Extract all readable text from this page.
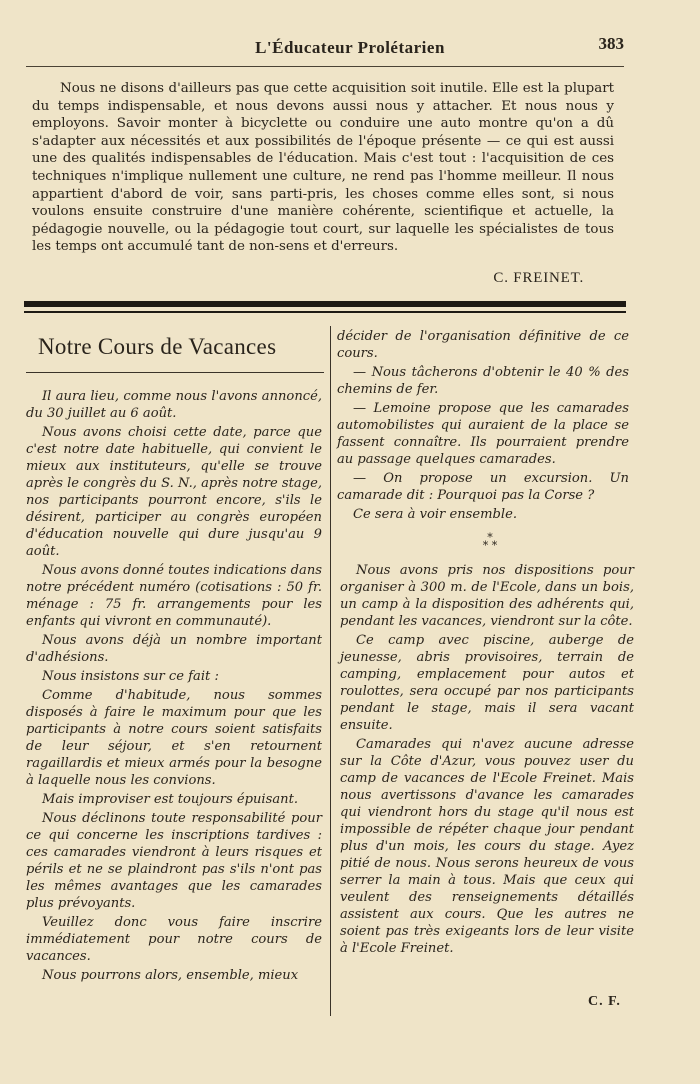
L'Éducateur Prolétarien	383
Nous ne disons d'ailleurs pas que cette acquisition soit inutile. Elle est la plupart du temps indispensable, et nous devons aussi nous y attacher. Et nous nous y employons. Savoir monter à bicyclette ou conduire une auto montre qu'on a dû s'adapter aux nécessités et aux possibilités de l'époque présente — ce qui est aussi une des qualités indispensables de l'éducation. Mais c'est tout : l'acquisition de ces techniques n'implique nullement une culture, ne rend pas l'homme meilleur. Il nous appartient d'abord de voir, sans parti-pris, les choses comme elles sont, si nous voulons ensuite construire d'une manière cohérente, scientifique et actuelle, la pédagogie nouvelle, ou la pédagogie tout court, sur laquelle les spécialistes de tous les temps ont accumulé tant de non-sens et d'erreurs.
C. FREINET.
Notre Cours de Vacances

Il aura lieu, comme nous l'avons annoncé, du 30 juillet au 6 août.

Nous avons choisi cette date, parce que c'est notre date habituelle, qui convient le mieux aux instituteurs, qu'elle se trouve après le congrès du S. N., après notre stage, nos participants pourront encore, s'ils le désirent, participer au congrès européen d'éducation nouvelle qui dure jusqu'au 9 août.

Nous avons donné toutes indications dans notre précédent numéro (cotisations : 50 fr. ménage : 75 fr. arrangements pour les enfants qui vivront en communauté).

Nous avons déjà un nombre important d'adhésions.

Nous insistons sur ce fait :

Comme d'habitude, nous sommes disposés à faire le maximum pour que les participants à notre cours soient satisfaits de leur séjour, et s'en retournent ragaillardis et mieux armés pour la besogne à laquelle nous les convions.

Mais improviser est toujours épuisant.

Nous déclinons toute responsabilité pour ce qui concerne les inscriptions tardives : ces camarades viendront à leurs risques et périls et ne se plaindront pas s'ils n'ont pas les mêmes avantages que les camarades plus prévoyants.

Veuillez donc vous faire inscrire immédiatement pour notre cours de vacances.

Nous pourrons alors, ensemble, mieux

décider de l'organisation définitive de ce cours.

— Nous tâcherons d'obtenir le 40 % des chemins de fer.

— Lemoine propose que les camarades automobilistes qui auraient de la place se fassent connaître. Ils pourraient prendre au passage quelques camarades.

— On propose un excursion. Un camarade dit : Pourquoi pas la Corse ?

Ce sera à voir ensemble.

*
* *

Nous avons pris nos dispositions pour organiser à 300 m. de l'Ecole, dans un bois, un camp à la disposition des adhérents qui, pendant les vacances, viendront sur la côte.

Ce camp avec piscine, auberge de jeunesse, abris provisoires, terrain de camping, emplacement pour autos et roulottes, sera occupé par nos participants pendant le stage, mais il sera vacant ensuite.

Camarades qui n'avez aucune adresse sur la Côte d'Azur, vous pouvez user du camp de vacances de l'Ecole Freinet. Mais nous avertissons d'avance les camarades qui viendront hors du stage qu'il nous est impossible de répéter chaque jour pendant plus d'un mois, les cours du stage. Ayez pitié de nous. Nous serons heureux de vous serrer la main à tous. Mais que ceux qui veulent des renseignements détaillés assistent aux cours. Que les autres ne soient pas très exigeants lors de leur visite à l'Ecole Freinet.

C. F.
